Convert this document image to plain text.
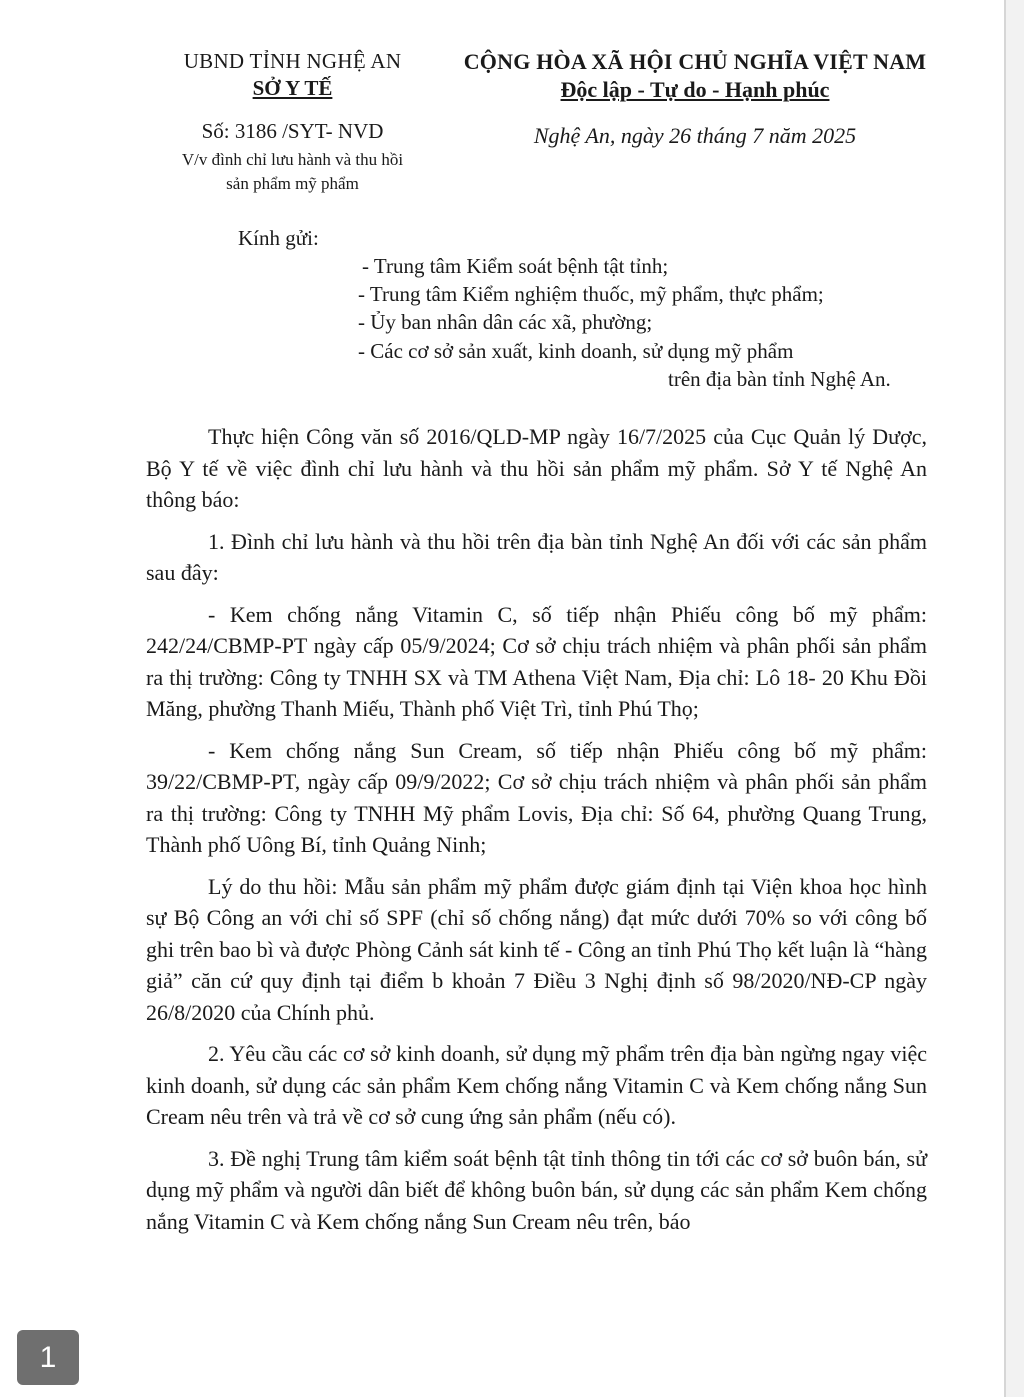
UBND TỈNH NGHỆ AN
SỞ Y TẾ
CỘNG HÒA XÃ HỘI CHỦ NGHĨA VIỆT NAM
Độc lập - Tự do - Hạnh phúc
Số: 3186 /SYT- NVD
V/v đình chỉ lưu hành và thu hồi
sản phẩm mỹ phẩm
Nghệ An, ngày 26 tháng 7 năm 2025
Kính gửi:
- Trung tâm Kiểm soát bệnh tật tỉnh;
- Trung tâm Kiểm nghiệm thuốc, mỹ phẩm, thực phẩm;
- Ủy ban nhân dân các xã, phường;
- Các cơ sở sản xuất, kinh doanh, sử dụng mỹ phẩm
trên địa bàn tỉnh Nghệ An.

Thực hiện Công văn số 2016/QLD-MP ngày 16/7/2025 của Cục Quản lý Dược, Bộ Y tế về việc đình chỉ lưu hành và thu hồi sản phẩm mỹ phẩm. Sở Y tế Nghệ An thông báo:

1. Đình chỉ lưu hành và thu hồi trên địa bàn tỉnh Nghệ An đối với các sản phẩm sau đây:

- Kem chống nắng Vitamin C, số tiếp nhận Phiếu công bố mỹ phẩm: 242/24/CBMP-PT ngày cấp 05/9/2024; Cơ sở chịu trách nhiệm và phân phối sản phẩm ra thị trường: Công ty TNHH SX và TM Athena Việt Nam, Địa chỉ: Lô 18- 20 Khu Đồi Măng, phường Thanh Miếu, Thành phố Việt Trì, tỉnh Phú Thọ;

- Kem chống nắng Sun Cream, số tiếp nhận Phiếu công bố mỹ phẩm: 39/22/CBMP-PT, ngày cấp 09/9/2022; Cơ sở chịu trách nhiệm và phân phối sản phẩm ra thị trường: Công ty TNHH Mỹ phẩm Lovis, Địa chỉ: Số 64, phường Quang Trung, Thành phố Uông Bí, tỉnh Quảng Ninh;

Lý do thu hồi: Mẫu sản phẩm mỹ phẩm được giám định tại Viện khoa học hình sự Bộ Công an với chỉ số SPF (chỉ số chống nắng) đạt mức dưới 70% so với công bố ghi trên bao bì và được Phòng Cảnh sát kinh tế - Công an tỉnh Phú Thọ kết luận là “hàng giả” căn cứ quy định tại điểm b khoản 7 Điều 3 Nghị định số 98/2020/NĐ-CP ngày 26/8/2020 của Chính phủ.

2. Yêu cầu các cơ sở kinh doanh, sử dụng mỹ phẩm trên địa bàn ngừng ngay việc kinh doanh, sử dụng các sản phẩm Kem chống nắng Vitamin C và Kem chống nắng Sun Cream nêu trên và trả về cơ sở cung ứng sản phẩm (nếu có).

3. Đề nghị Trung tâm kiểm soát bệnh tật tỉnh thông tin tới các cơ sở buôn bán, sử dụng mỹ phẩm và người dân biết để không buôn bán, sử dụng các sản phẩm Kem chống nắng Vitamin C và Kem chống nắng Sun Cream nêu trên, báo

1
